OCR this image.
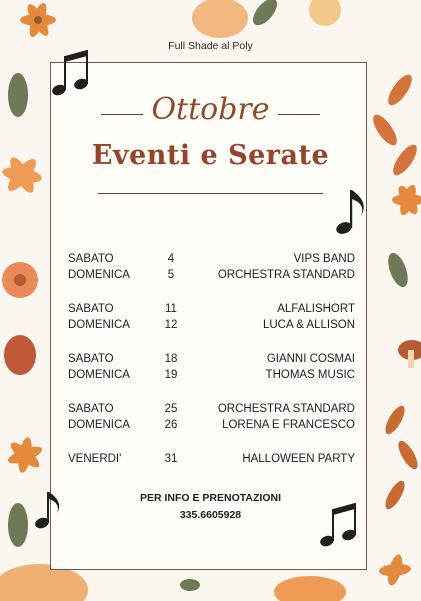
Full Shade al Poly
Ottobre
Eventi e Serate
SABATO	4	VIPS BAND
DOMENICA	5	ORCHESTRA STANDARD
SABATO	11	ALFALISHORT
DOMENICA	12	LUCA & ALLISON
SABATO	18	GIANNI COSMAI
DOMENICA	19	THOMAS MUSIC
SABATO	25	ORCHESTRA STANDARD
DOMENICA	26	LORENA E FRANCESCO
VENERDI'	31	HALLOWEEN PARTY
PER INFO E PRENOTAZIONI
335.6605928
